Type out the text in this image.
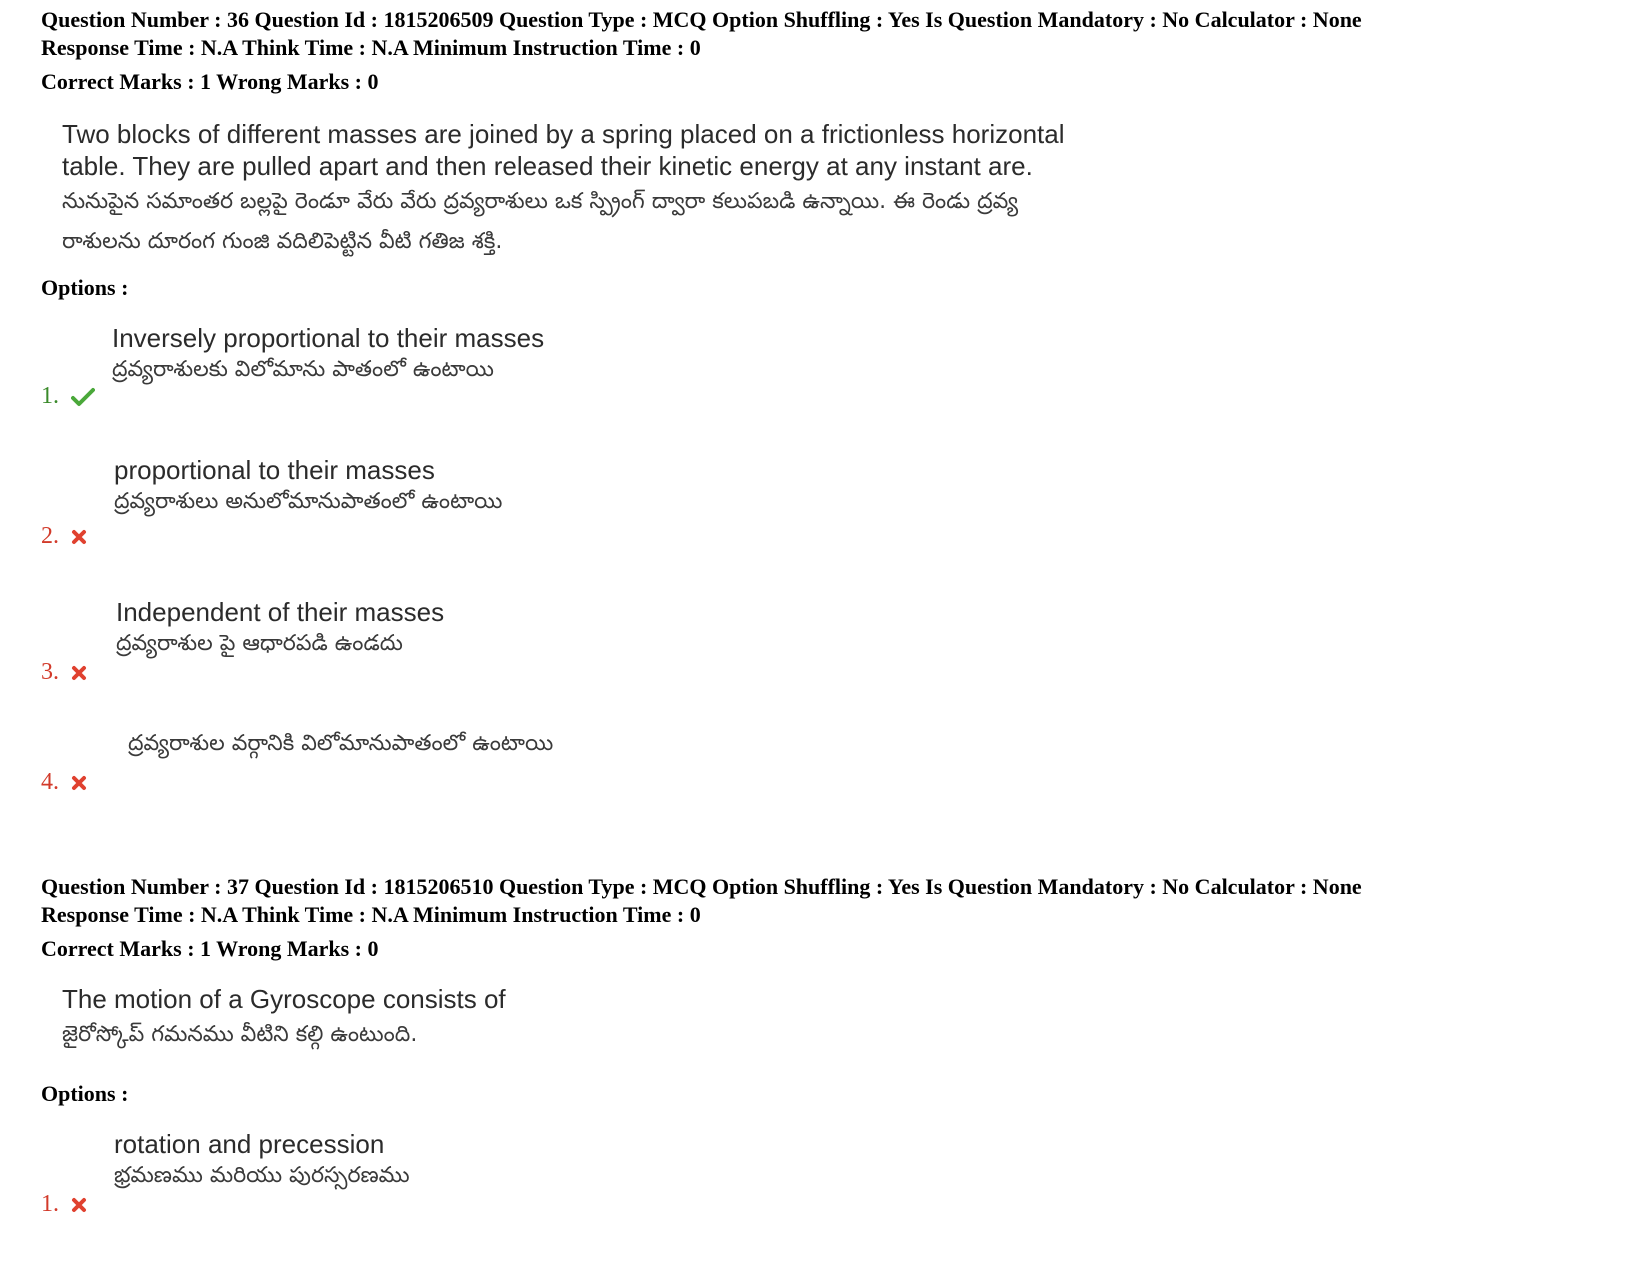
Question Number : 36 Question Id : 1815206509 Question Type : MCQ Option Shuffling : Yes Is Question Mandatory : No Calculator : None
Response Time : N.A Think Time : N.A Minimum Instruction Time : 0
Correct Marks : 1 Wrong Marks : 0
Two blocks of different masses are joined by a spring placed on a frictionless horizontal
table. They are pulled apart and then released their kinetic energy at any instant are.
నునుపైన సమాంతర బల్లపై రెండూ వేరు వేరు ద్రవ్యరాశులు ఒక స్ప్రింగ్ ద్వారా కలుపబడి ఉన్నాయి. ఈ రెండు ద్రవ్య
రాశులను దూరంగ గుంజి వదిలిపెట్టిన వీటి గతిజ శక్తి.
Options :
Inversely proportional to their masses
ద్రవ్యరాశులకు విలోమాను పాతంలో ఉంటాయి
1.
proportional to their masses
ద్రవ్యరాశులు అనులోమానుపాతంలో ఉంటాయి
2.
Independent of their masses
ద్రవ్యరాశుల పై ఆధారపడి ఉండదు
3.
ద్రవ్యరాశుల వర్గానికి విలోమానుపాతంలో ఉంటాయి
4.
Question Number : 37 Question Id : 1815206510 Question Type : MCQ Option Shuffling : Yes Is Question Mandatory : No Calculator : None
Response Time : N.A Think Time : N.A Minimum Instruction Time : 0
Correct Marks : 1 Wrong Marks : 0
The motion of a Gyroscope consists of
జైరోస్కోప్ గమనము వీటిని కల్గి ఉంటుంది.
Options :
rotation and precession
భ్రమణము మరియు పురస్సరణము
1.
